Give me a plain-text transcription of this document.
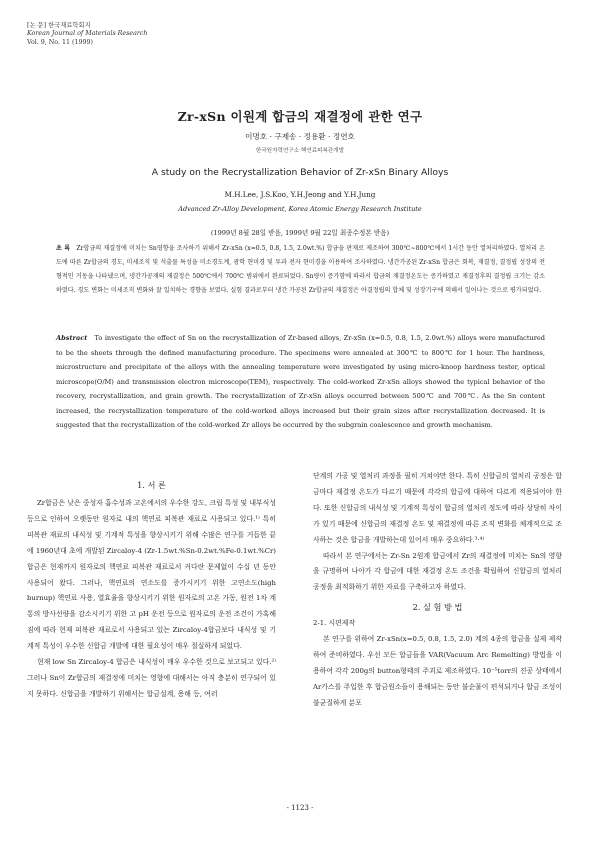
[논 문] 한국재료학회지
Korean Journal of Materials Research
Vol. 9, No. 11 (1999)
Zr-xSn 이원계 합금의 재결정에 관한 연구
이명호 · 구제송 · 정용환 · 정연호
한국원자력연구소 핵연료피복관개발
A study on the Recrystallization Behavior of Zr-xSn Binary Alloys
M.H.Lee, J.S.Koo, Y.H.Jeong and Y.H.Jung
Advanced Zr-Alloy Development, Korea Atomic Energy Research Institute
(1999년 8월 28일 받음, 1999년 9월 22일 최종수정본 받음)
초 록 Zr합금의 재결정에 미치는 Sn영향을 조사하기 위해서 Zr-xSn (x=0.5, 0.8, 1.5, 2.0wt.%) 합금을 판재로 제조하여 300℃~800℃에서 1시간 동안 열처리하였다. 열처리 온도에 따른 Zr합금의 경도, 미세조직 및 석출물 특성을 미소경도계, 광학 현미경 및 투과 전자 현미경을 이용하여 조사하였다. 냉간가공된 Zr-xSn 합금은 회복, 재결정, 결정립 성장의 전형적인 거동을 나타냈으며, 냉간가공재의 재결정은 500℃에서 700℃ 범위에서 완료되었다. Sn량이 증가함에 따라서 합금의 재결정온도는 증가하였고 재결정후의 결정립 크기는 감소하였다. 경도 변화는 미세조직 변화와 잘 일치하는 경향을 보였다. 실험 결과로부터 냉간 가공된 Zr합금의 재결정은 아결정립의 합체 및 성장기구에 의해서 일어나는 것으로 평가되었다.
Abstract To investigate the effect of Sn on the recrystallization of Zr-based alloys, Zr-xSn (x=0.5, 0.8, 1.5, 2.0wt.%) alloys were manufactured to be the sheets through the defined manufacturing procedure. The specimens were annealed at 300℃ to 800℃ for 1 hour. The hardness, microstructure and precipitate of the alloys with the annealing temperature were investigated by using micro-knoop hardness tester, optical microscope(O/M) and transmission electron microscope(TEM), respectively. The cold-worked Zr-xSn alloys showed the typical behavior of the recovery, recrystallization, and grain growth. The recrystallization of Zr-xSn alloys occurred between 500℃ and 700℃. As the Sn content increased, the recrystallization temperature of the cold-worked alloys increased but their grain sizes after recrystallization decreased. It is suggested that the recrystallization of the cold-worked Zr alloys be occurred by the subgrain coalescence and growth mechanism.
1. 서 론

Zr합금은 낮은 중성자 흡수성과 고온에서의 우수한 강도, 크립 특성 및 내부식성 등으로 인하여 오랫동안 원자로 내의 핵연료 피복관 재료로 사용되고 있다.¹⁾ 특히 피복관 재료의 내식성 및 기계적 특성을 향상시키기 위해 수많은 연구를 거듭한 끝에 1960년대 초에 개발된 Zircaloy-4 (Zr-1.5wt.%Sn-0.2wt.%Fe-0.1wt.%Cr) 합금은 현재까지 원자로의 핵연료 피복관 재료로서 커다란 문제없이 수십 년 동안 사용되어 왔다. 그러나, 핵연료의 연소도를 증가시키기 위한 고연소도(high burnup) 핵연료 사용, 열효율을 향상시키기 위한 원자로의 고온 가동, 원전 1차 계통의 방사선량을 감소시키기 위한 고 pH 운전 등으로 원자로의 운전 조건이 가혹해짐에 따라 현재 피복관 재료로서 사용되고 있는 Zircaloy-4합금보다 내식성 및 기계적 특성이 우수한 신합금 개발에 대한 필요성이 매우 절실하게 되었다.

현재 low Sn Zircaloy-4 합금은 내식성이 매우 우수한 것으로 보고되고 있다.²⁾ 그러나 Sn이 Zr합금의 재결정에 미치는 영향에 대해서는 아직 충분히 연구되어 있지 못하다. 신합금을 개발하기 위해서는 합금설계, 용해 등, 여러

단계의 가공 및 열처리 과정을 필히 거쳐야만 한다. 특히 신합금의 열처리 공정은 합금마다 재결정 온도가 다르기 때문에 각각의 합금에 대하여 다르게 적용되어야 한다. 또한 신합금의 내식성 및 기계적 특성이 합금의 열처리 정도에 따라 상당히 차이가 있기 때문에 신합금의 재결정 온도 및 재결정에 따른 조직 변화를 체계적으로 조사하는 것은 합금을 개발하는데 있어서 매우 중요하다.³·⁴⁾

따라서 본 연구에서는 Zr-Sn 2원계 합금에서 Zr의 재결정에 미치는 Sn의 영향을 규명하며 나아가 각 합금에 대한 재결정 온도 조건을 확립하여 신합금의 열처리 공정을 최적화하기 위한 자료를 구축하고자 하였다.

2. 실 험 방 법
2-1. 시편제작

본 연구를 위하여 Zr-xSn(x=0.5, 0.8, 1.5, 2.0) 계의 4종의 합금을 실제 제작하여 준비하였다. 우선 모든 합금들을 VAR(Vacuum Arc Remelting) 방법을 이용하여 각각 200g의 button형태의 주괴로 제조하였다. 10⁻⁵torr의 진공 상태에서 Ar가스를 주입한 후 합금원소들이 용해되는 동안 불순물이 편석되거나 합금 조성이 불균질하게 분포

- 1123 -
